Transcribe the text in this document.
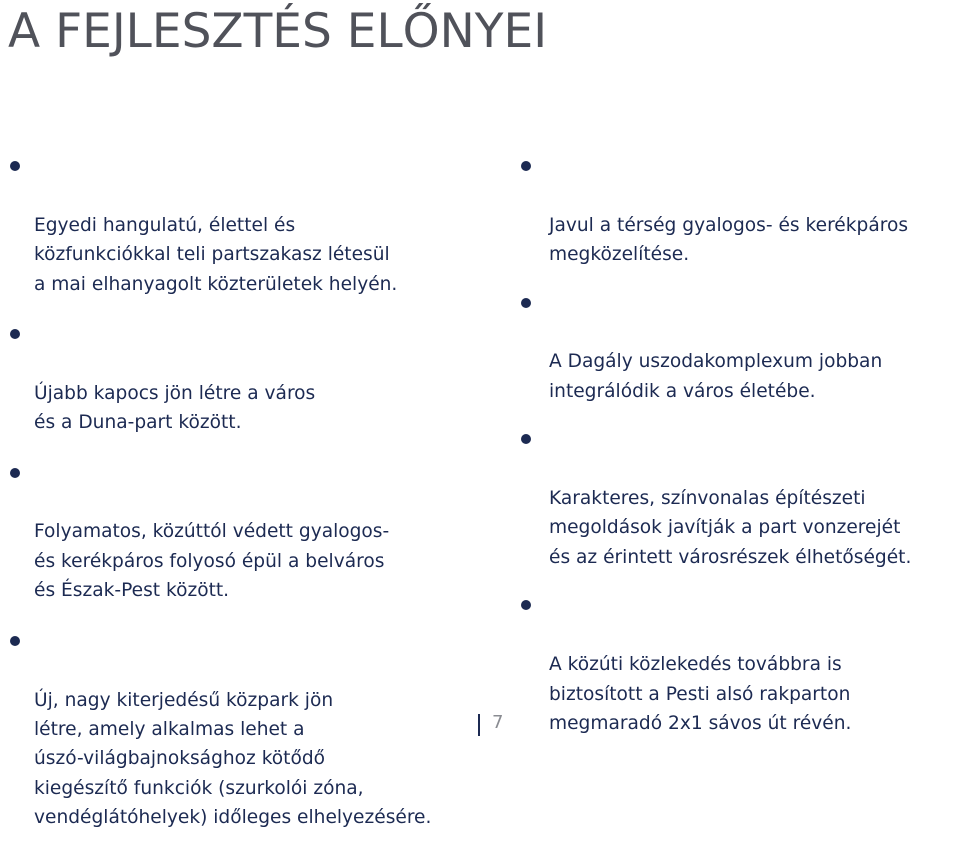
A FEJLESZTÉS ELŐNYEI

Egyedi hangulatú, élettel és
közfunkciókkal teli partszakasz létesül
a mai elhanyagolt közterületek helyén.

Újabb kapocs jön létre a város
és a Duna-part között.

Folyamatos, közúttól védett gyalogos-
és kerékpáros folyosó épül a belváros
és Észak-Pest között.

Új, nagy kiterjedésű közpark jön
létre, amely alkalmas lehet a
úszó-világbajnoksághoz kötődő
kiegészítő funkciók (szurkolói zóna,
vendéglátóhelyek) időleges elhelyezésére.

Javul a térség gyalogos- és kerékpáros
megközelítése.

A Dagály uszodakomplexum jobban
integrálódik a város életébe.

Karakteres, színvonalas építészeti
megoldások javítják a part vonzerejét
és az érintett városrészek élhetőségét.

A közúti közlekedés továbbra is
biztosított a Pesti alsó rakparton
megmaradó 2x1 sávos út révén.

7
